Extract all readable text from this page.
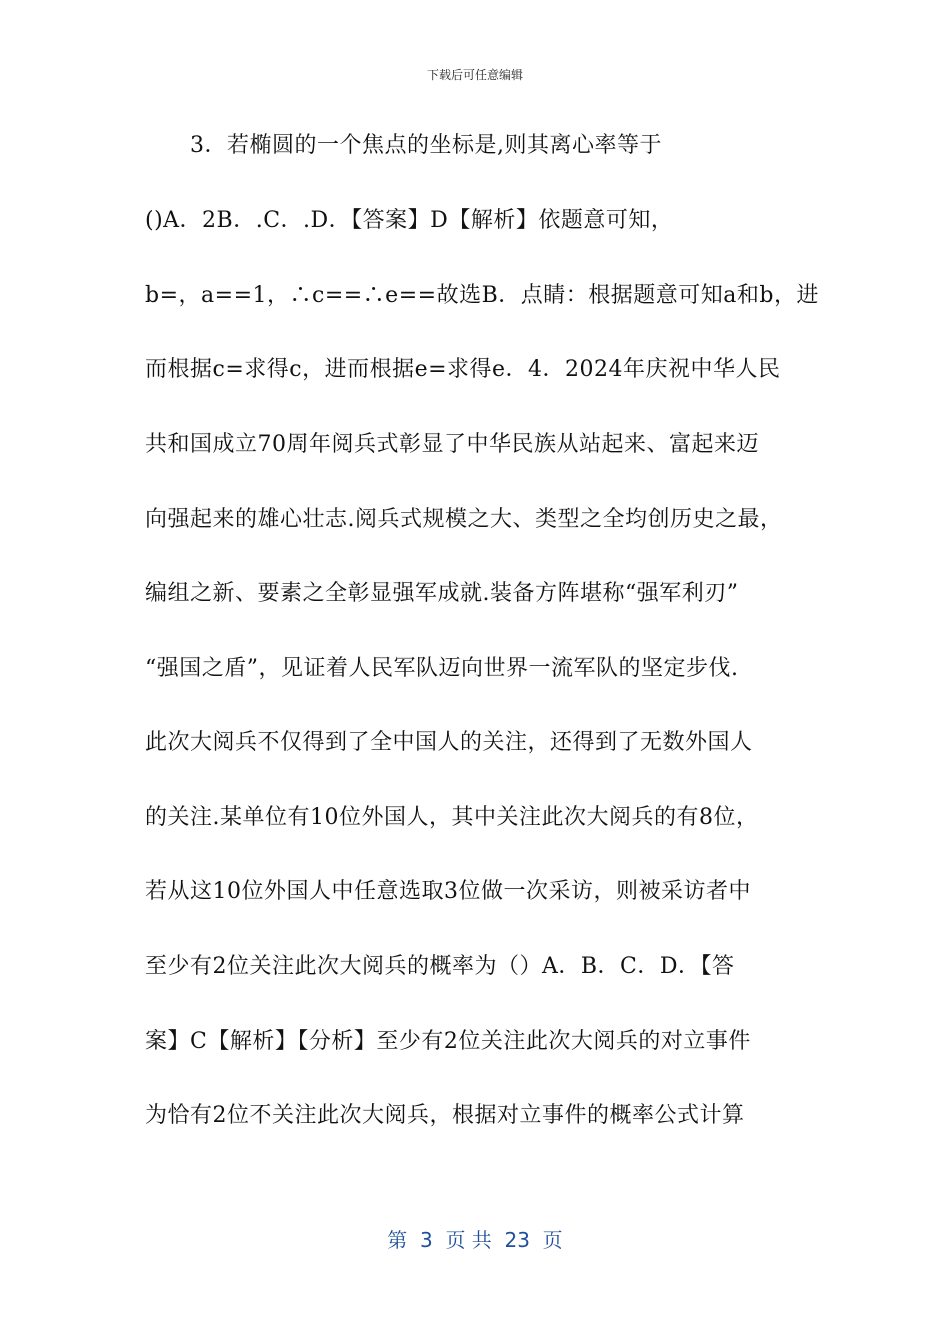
下载后可任意编辑
3．若椭圆的一个焦点的坐标是,则其离心率等于
()A．2B．.C．.D．【答案】D【解析】依题意可知，
b=，a==1，∴c==∴e==故选B．点睛：根据题意可知a和b，进
而根据c=求得c，进而根据e=求得e．4．2024年庆祝中华人民
共和国成立70周年阅兵式彰显了中华民族从站起来、富起来迈
向强起来的雄心壮志.阅兵式规模之大、类型之全均创历史之最，
编组之新、要素之全彰显强军成就.装备方阵堪称“强军利刃”
“强国之盾”，见证着人民军队迈向世界一流军队的坚定步伐.
此次大阅兵不仅得到了全中国人的关注，还得到了无数外国人
的关注.某单位有10位外国人，其中关注此次大阅兵的有8位，
若从这10位外国人中任意选取3位做一次采访，则被采访者中
至少有2位关注此次大阅兵的概率为（）A．B．C．D．【答
案】C【解析】【分析】至少有2位关注此次大阅兵的对立事件
为恰有2位不关注此次大阅兵，根据对立事件的概率公式计算
第  3  页 共  23  页
